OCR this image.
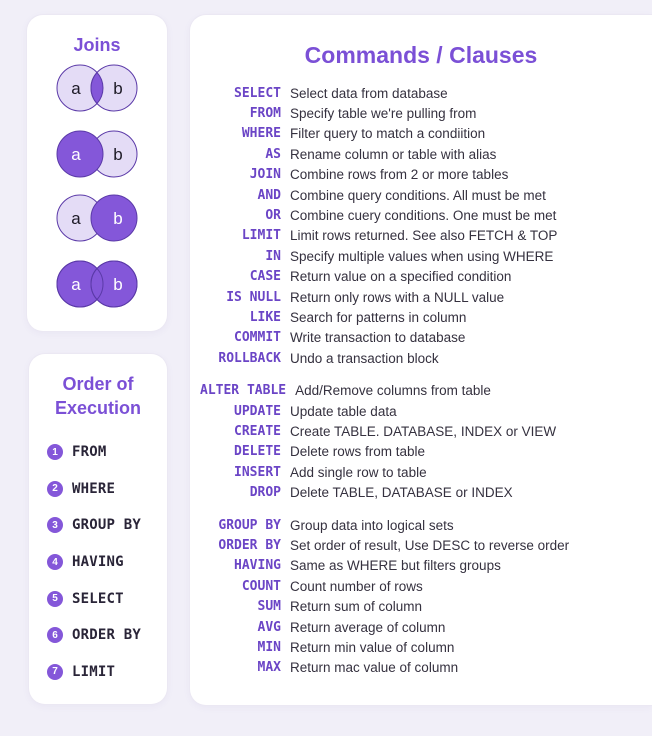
Joins
a b
a b
a b
a b
Order of
Execution
1	FROM
2	WHERE
3	GROUP BY
4	HAVING
5	SELECT
6	ORDER BY
7	LIMIT
Commands / Clauses
SELECT Select data from database
FROM Specify table we're pulling from
WHERE Filter query to match a condiition
AS Rename column or table with alias
JOIN Combine rows from 2 or more tables
AND Combine query conditions. All must be met
OR Combine cuery conditions. One must be met
LIMIT Limit rows returned. See also FETCH & TOP
IN Specify multiple values when using WHERE
CASE Return value on a specified condition
IS NULL Return only rows with a NULL value
LIKE Search for patterns in column
COMMIT Write transaction to database
ROLLBACK Undo a transaction block
ALTER TABLE Add/Remove columns from table
UPDATE Update table data
CREATE Create TABLE. DATABASE, INDEX or VIEW
DELETE Delete rows from table
INSERT Add single row to table
DROP Delete TABLE, DATABASE or INDEX
GROUP BY Group data into logical sets
ORDER BY Set order of result, Use DESC to reverse order
HAVING Same as WHERE but filters groups
COUNT Count number of rows
SUM Return sum of column
AVG Return average of column
MIN Return min value of column
MAX Return mac value of column
